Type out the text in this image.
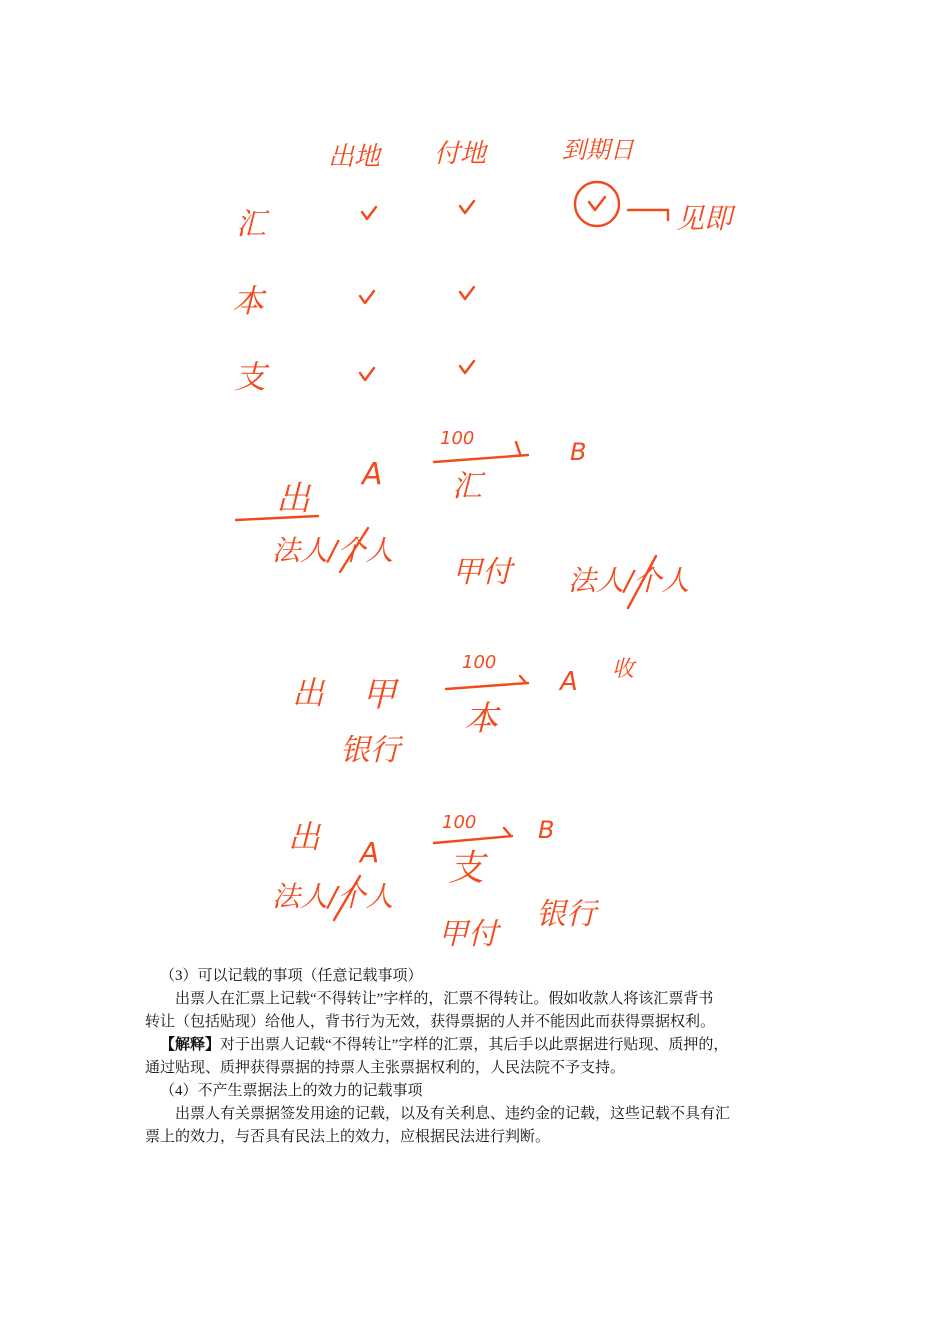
出地 付地	到期日
汇
本
支
见即
100
汇
B
A
出
法人/个人
甲付 法人/个人
出 甲
银行
100
本
A 收
出 A
法人/个人
100
支
B
甲付
银行

（3）可以记载的事项（任意记载事项）

出票人在汇票上记载“不得转让”字样的，汇票不得转让。假如收款人将该汇票背书

转让（包括贴现）给他人，背书行为无效，获得票据的人并不能因此而获得票据权利。

【解释】对于出票人记载“不得转让”字样的汇票，其后手以此票据进行贴现、质押的，

通过贴现、质押获得票据的持票人主张票据权利的，人民法院不予支持。

（4）不产生票据法上的效力的记载事项

出票人有关票据签发用途的记载，以及有关利息、违约金的记载，这些记载不具有汇

票上的效力，与否具有民法上的效力，应根据民法进行判断。
